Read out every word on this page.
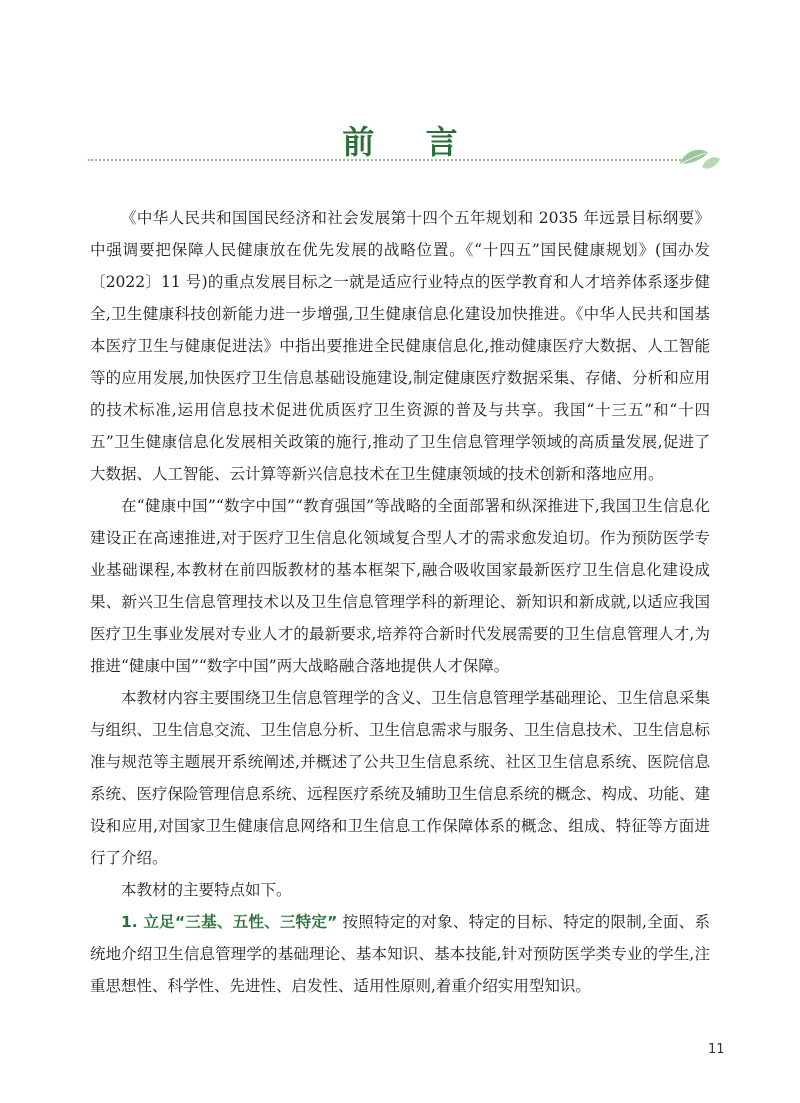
前 言

《中华人民共和国国民经济和社会发展第十四个五年规划和 2035 年远景目标纲要》中强调要把保障人民健康放在优先发展的战略位置。《“十四五”国民健康规划》(国办发〔2022〕11 号)的重点发展目标之一就是适应行业特点的医学教育和人才培养体系逐步健全,卫生健康科技创新能力进一步增强,卫生健康信息化建设加快推进。《中华人民共和国基本医疗卫生与健康促进法》中指出要推进全民健康信息化,推动健康医疗大数据、人工智能等的应用发展,加快医疗卫生信息基础设施建设,制定健康医疗数据采集、存储、分析和应用的技术标准,运用信息技术促进优质医疗卫生资源的普及与共享。我国“十三五”和“十四五”卫生健康信息化发展相关政策的施行,推动了卫生信息管理学领域的高质量发展,促进了大数据、人工智能、云计算等新兴信息技术在卫生健康领域的技术创新和落地应用。

在“健康中国”“数字中国”“教育强国”等战略的全面部署和纵深推进下,我国卫生信息化建设正在高速推进,对于医疗卫生信息化领域复合型人才的需求愈发迫切。作为预防医学专业基础课程,本教材在前四版教材的基本框架下,融合吸收国家最新医疗卫生信息化建设成果、新兴卫生信息管理技术以及卫生信息管理学科的新理论、新知识和新成就,以适应我国医疗卫生事业发展对专业人才的最新要求,培养符合新时代发展需要的卫生信息管理人才,为推进“健康中国”“数字中国”两大战略融合落地提供人才保障。

本教材内容主要围绕卫生信息管理学的含义、卫生信息管理学基础理论、卫生信息采集与组织、卫生信息交流、卫生信息分析、卫生信息需求与服务、卫生信息技术、卫生信息标准与规范等主题展开系统阐述,并概述了公共卫生信息系统、社区卫生信息系统、医院信息系统、医疗保险管理信息系统、远程医疗系统及辅助卫生信息系统的概念、构成、功能、建设和应用,对国家卫生健康信息网络和卫生信息工作保障体系的概念、组成、特征等方面进行了介绍。

本教材的主要特点如下。

1. 立足“三基、五性、三特定” 按照特定的对象、特定的目标、特定的限制,全面、系统地介绍卫生信息管理学的基础理论、基本知识、基本技能,针对预防医学类专业的学生,注重思想性、科学性、先进性、启发性、适用性原则,着重介绍实用型知识。

11
